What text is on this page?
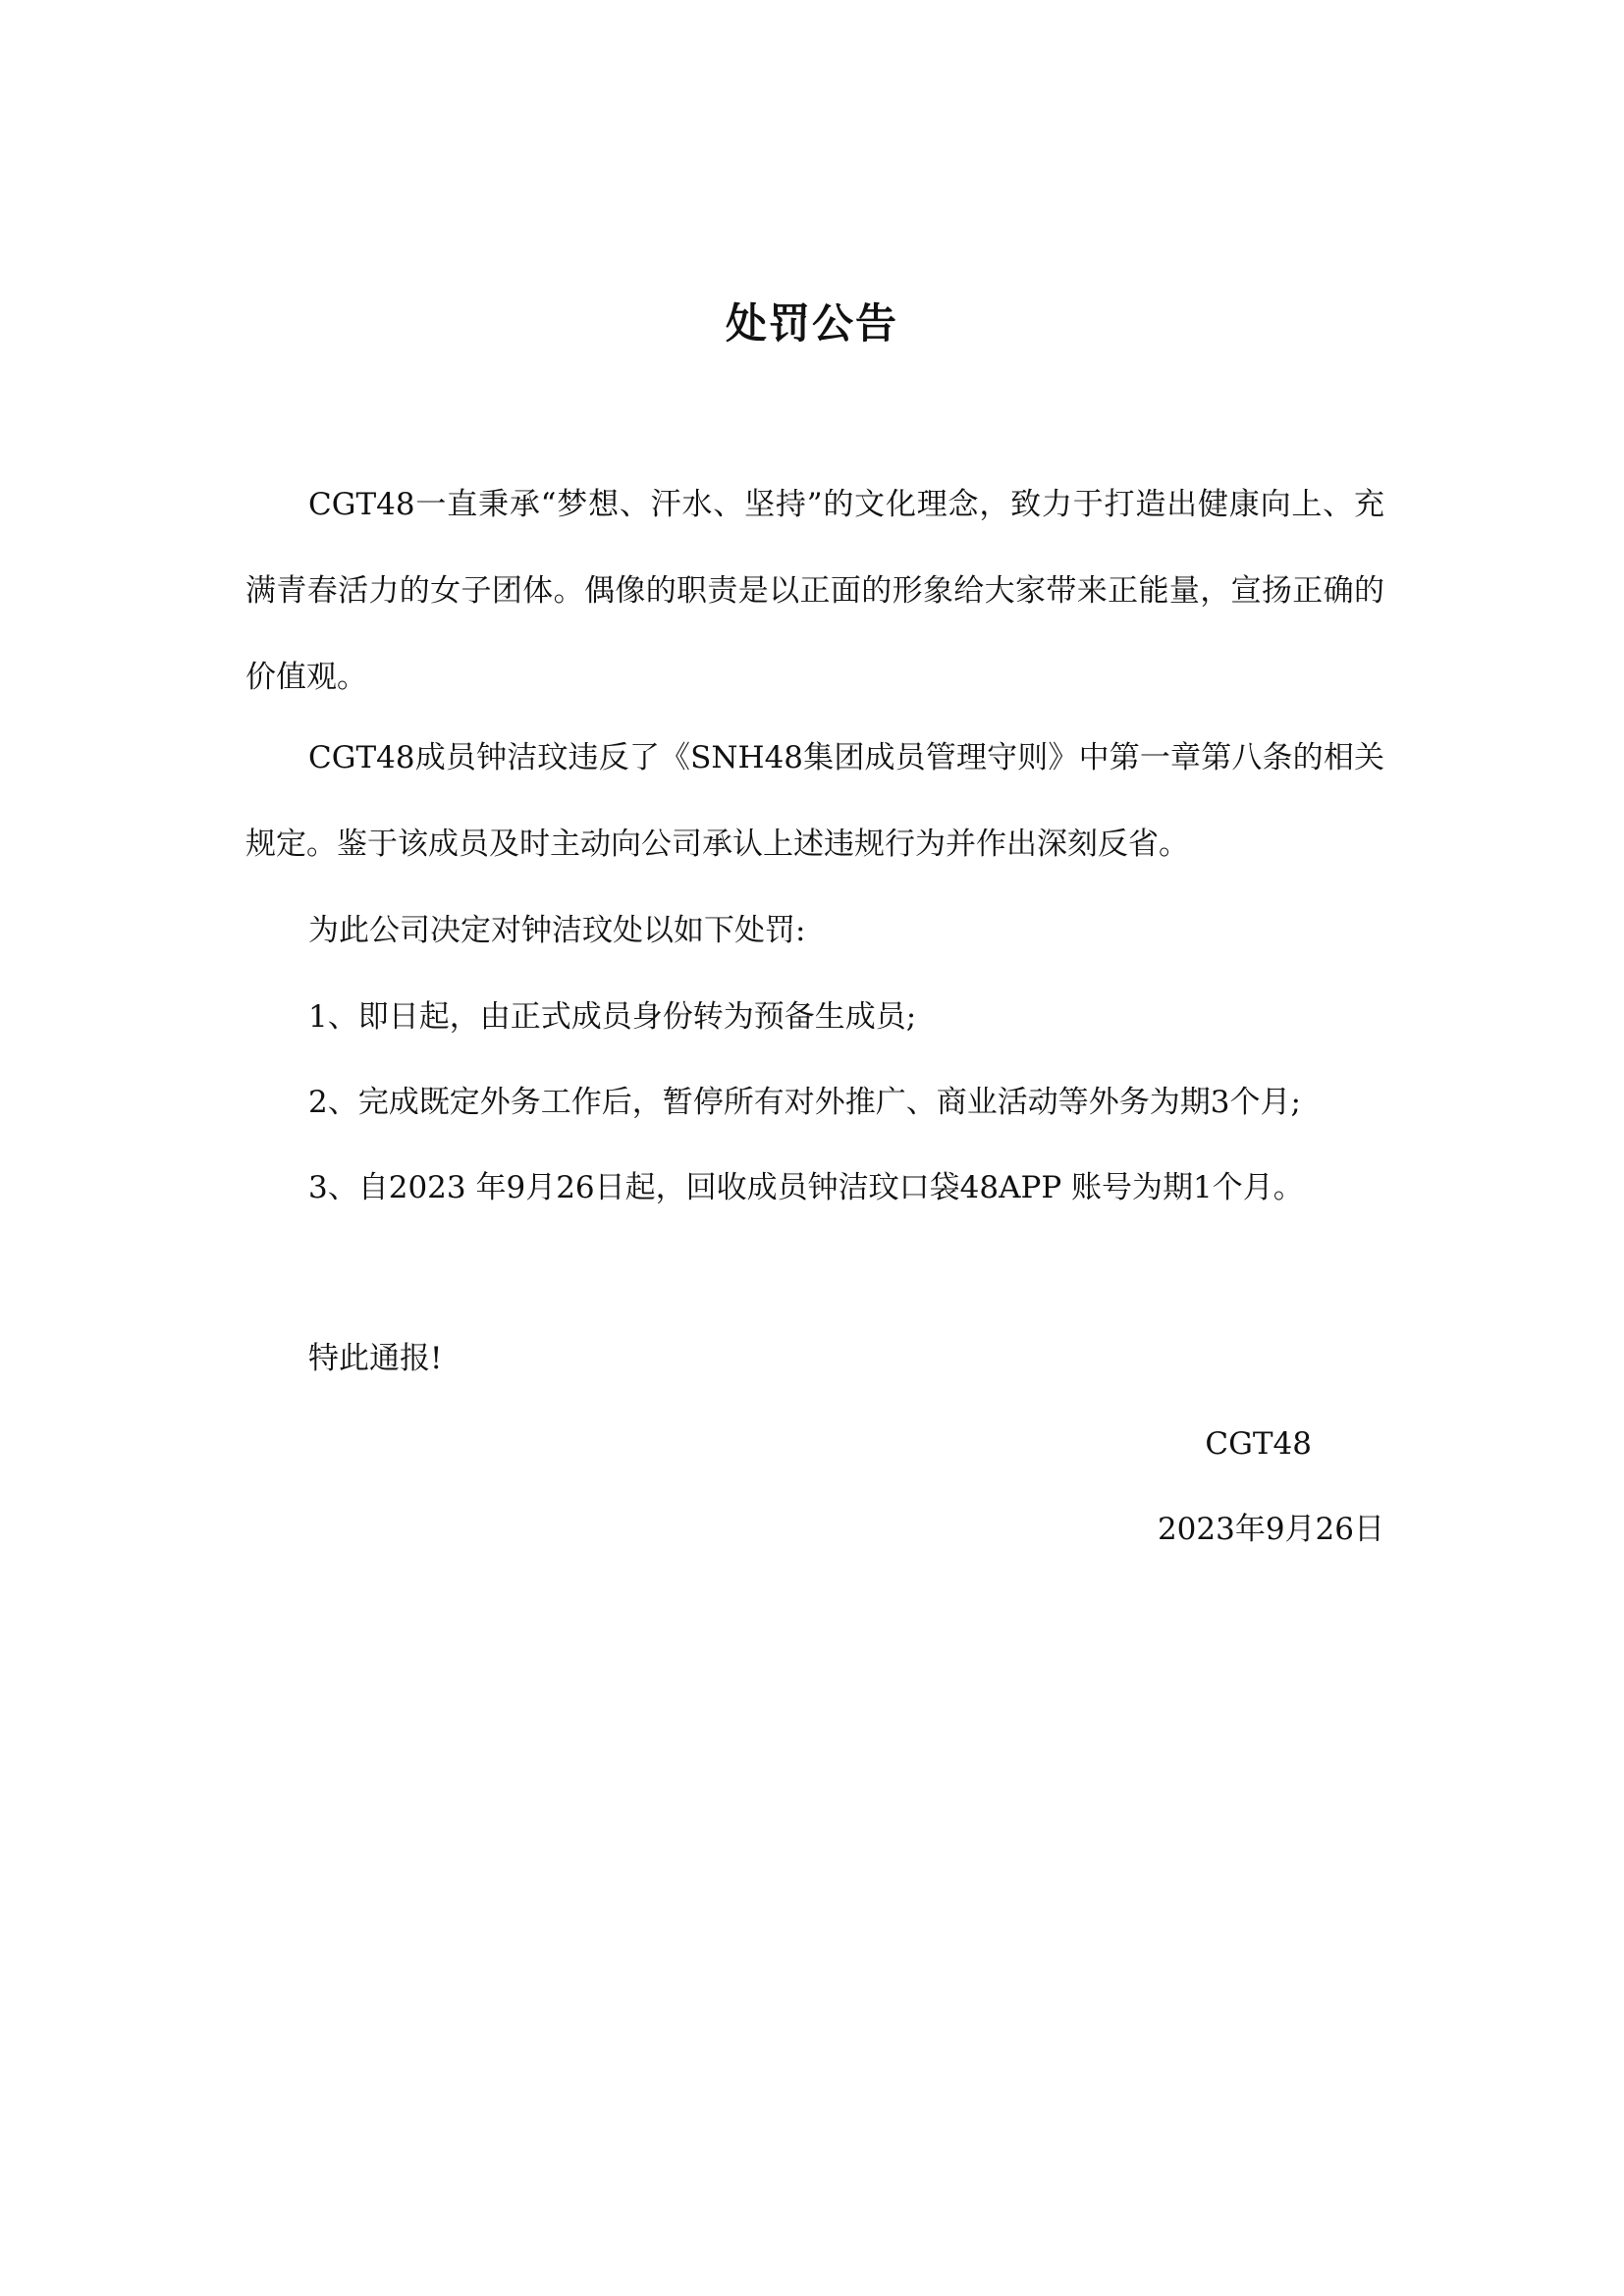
处罚公告

CGT48一直秉承“梦想、汗水、坚持”的文化理念，致力于打造出健康向上、充满青春活力的女子团体。偶像的职责是以正面的形象给大家带来正能量，宣扬正确的价值观。

CGT48成员钟洁玟违反了《SNH48集团成员管理守则》中第一章第八条的相关规定。鉴于该成员及时主动向公司承认上述违规行为并作出深刻反省。

为此公司决定对钟洁玟处以如下处罚:
1、即日起，由正式成员身份转为预备生成员;
2、完成既定外务工作后，暂停所有对外推广、商业活动等外务为期3个月;
3、自2023 年9月26日起，回收成员钟洁玟口袋48APP 账号为期1个月。
特此通报!
CGT48
2023年9月26日
